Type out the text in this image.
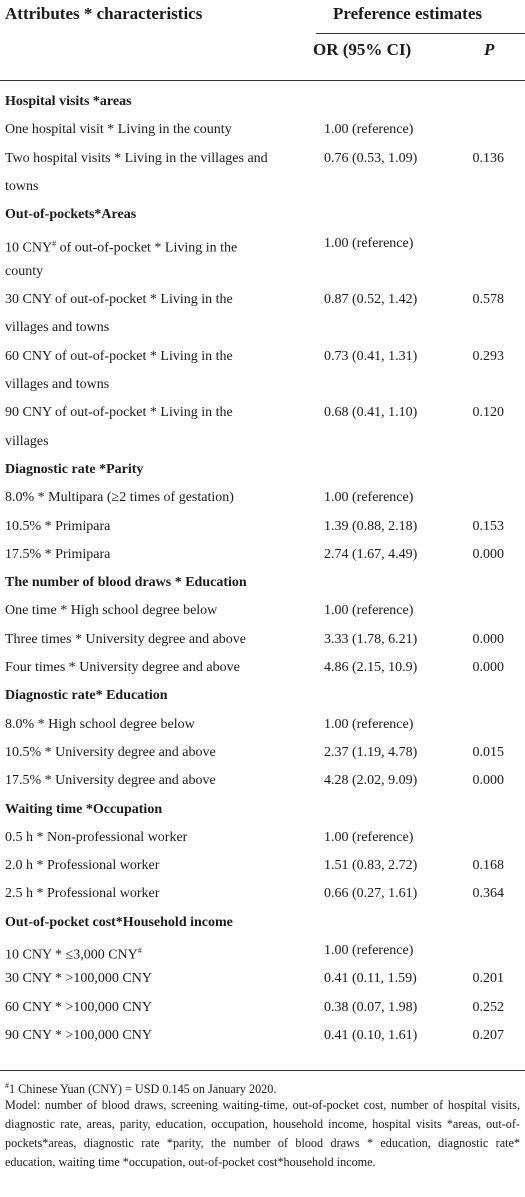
Attributes * characteristics	Preference estimates
OR (95% CI)	P
Hospital visits *areas
One hospital visit * Living in the county	1.00 (reference)
Two hospital visits * Living in the villages and	0.76 (0.53, 1.09)	0.136
towns
Out-of-pockets*Areas
10 CNY# of out-of-pocket * Living in the	1.00 (reference)
county
30 CNY of out-of-pocket * Living in the	0.87 (0.52, 1.42)	0.578
villages and towns
60 CNY of out-of-pocket * Living in the	0.73 (0.41, 1.31)	0.293
villages and towns
90 CNY of out-of-pocket * Living in the	0.68 (0.41, 1.10)	0.120
villages
Diagnostic rate *Parity
8.0% * Multipara (≥2 times of gestation)	1.00 (reference)
10.5% * Primipara	1.39 (0.88, 2.18)	0.153
17.5% * Primipara	2.74 (1.67, 4.49)	0.000
The number of blood draws * Education
One time * High school degree below	1.00 (reference)
Three times * University degree and above	3.33 (1.78, 6.21)	0.000
Four times * University degree and above	4.86 (2.15, 10.9)	0.000
Diagnostic rate* Education
8.0% * High school degree below	1.00 (reference)
10.5% * University degree and above	2.37 (1.19, 4.78)	0.015
17.5% * University degree and above	4.28 (2.02, 9.09)	0.000
Waiting time *Occupation
0.5 h * Non-professional worker	1.00 (reference)
2.0 h * Professional worker	1.51 (0.83, 2.72)	0.168
2.5 h * Professional worker	0.66 (0.27, 1.61)	0.364
Out-of-pocket cost*Household income
10 CNY * ≤3,000 CNY#	1.00 (reference)
30 CNY * >100,000 CNY	0.41 (0.11, 1.59)	0.201
60 CNY * >100,000 CNY	0.38 (0.07, 1.98)	0.252
90 CNY * >100,000 CNY	0.41 (0.10, 1.61)	0.207
#1 Chinese Yuan (CNY) = USD 0.145 on January 2020.
Model: number of blood draws, screening waiting-time, out-of-pocket cost, number of hospital visits, diagnostic rate, areas, parity, education, occupation, household income, hospital visits *areas, out-of-pockets*areas, diagnostic rate *parity, the number of blood draws * education, diagnostic rate* education, waiting time *occupation, out-of-pocket cost*household income.
